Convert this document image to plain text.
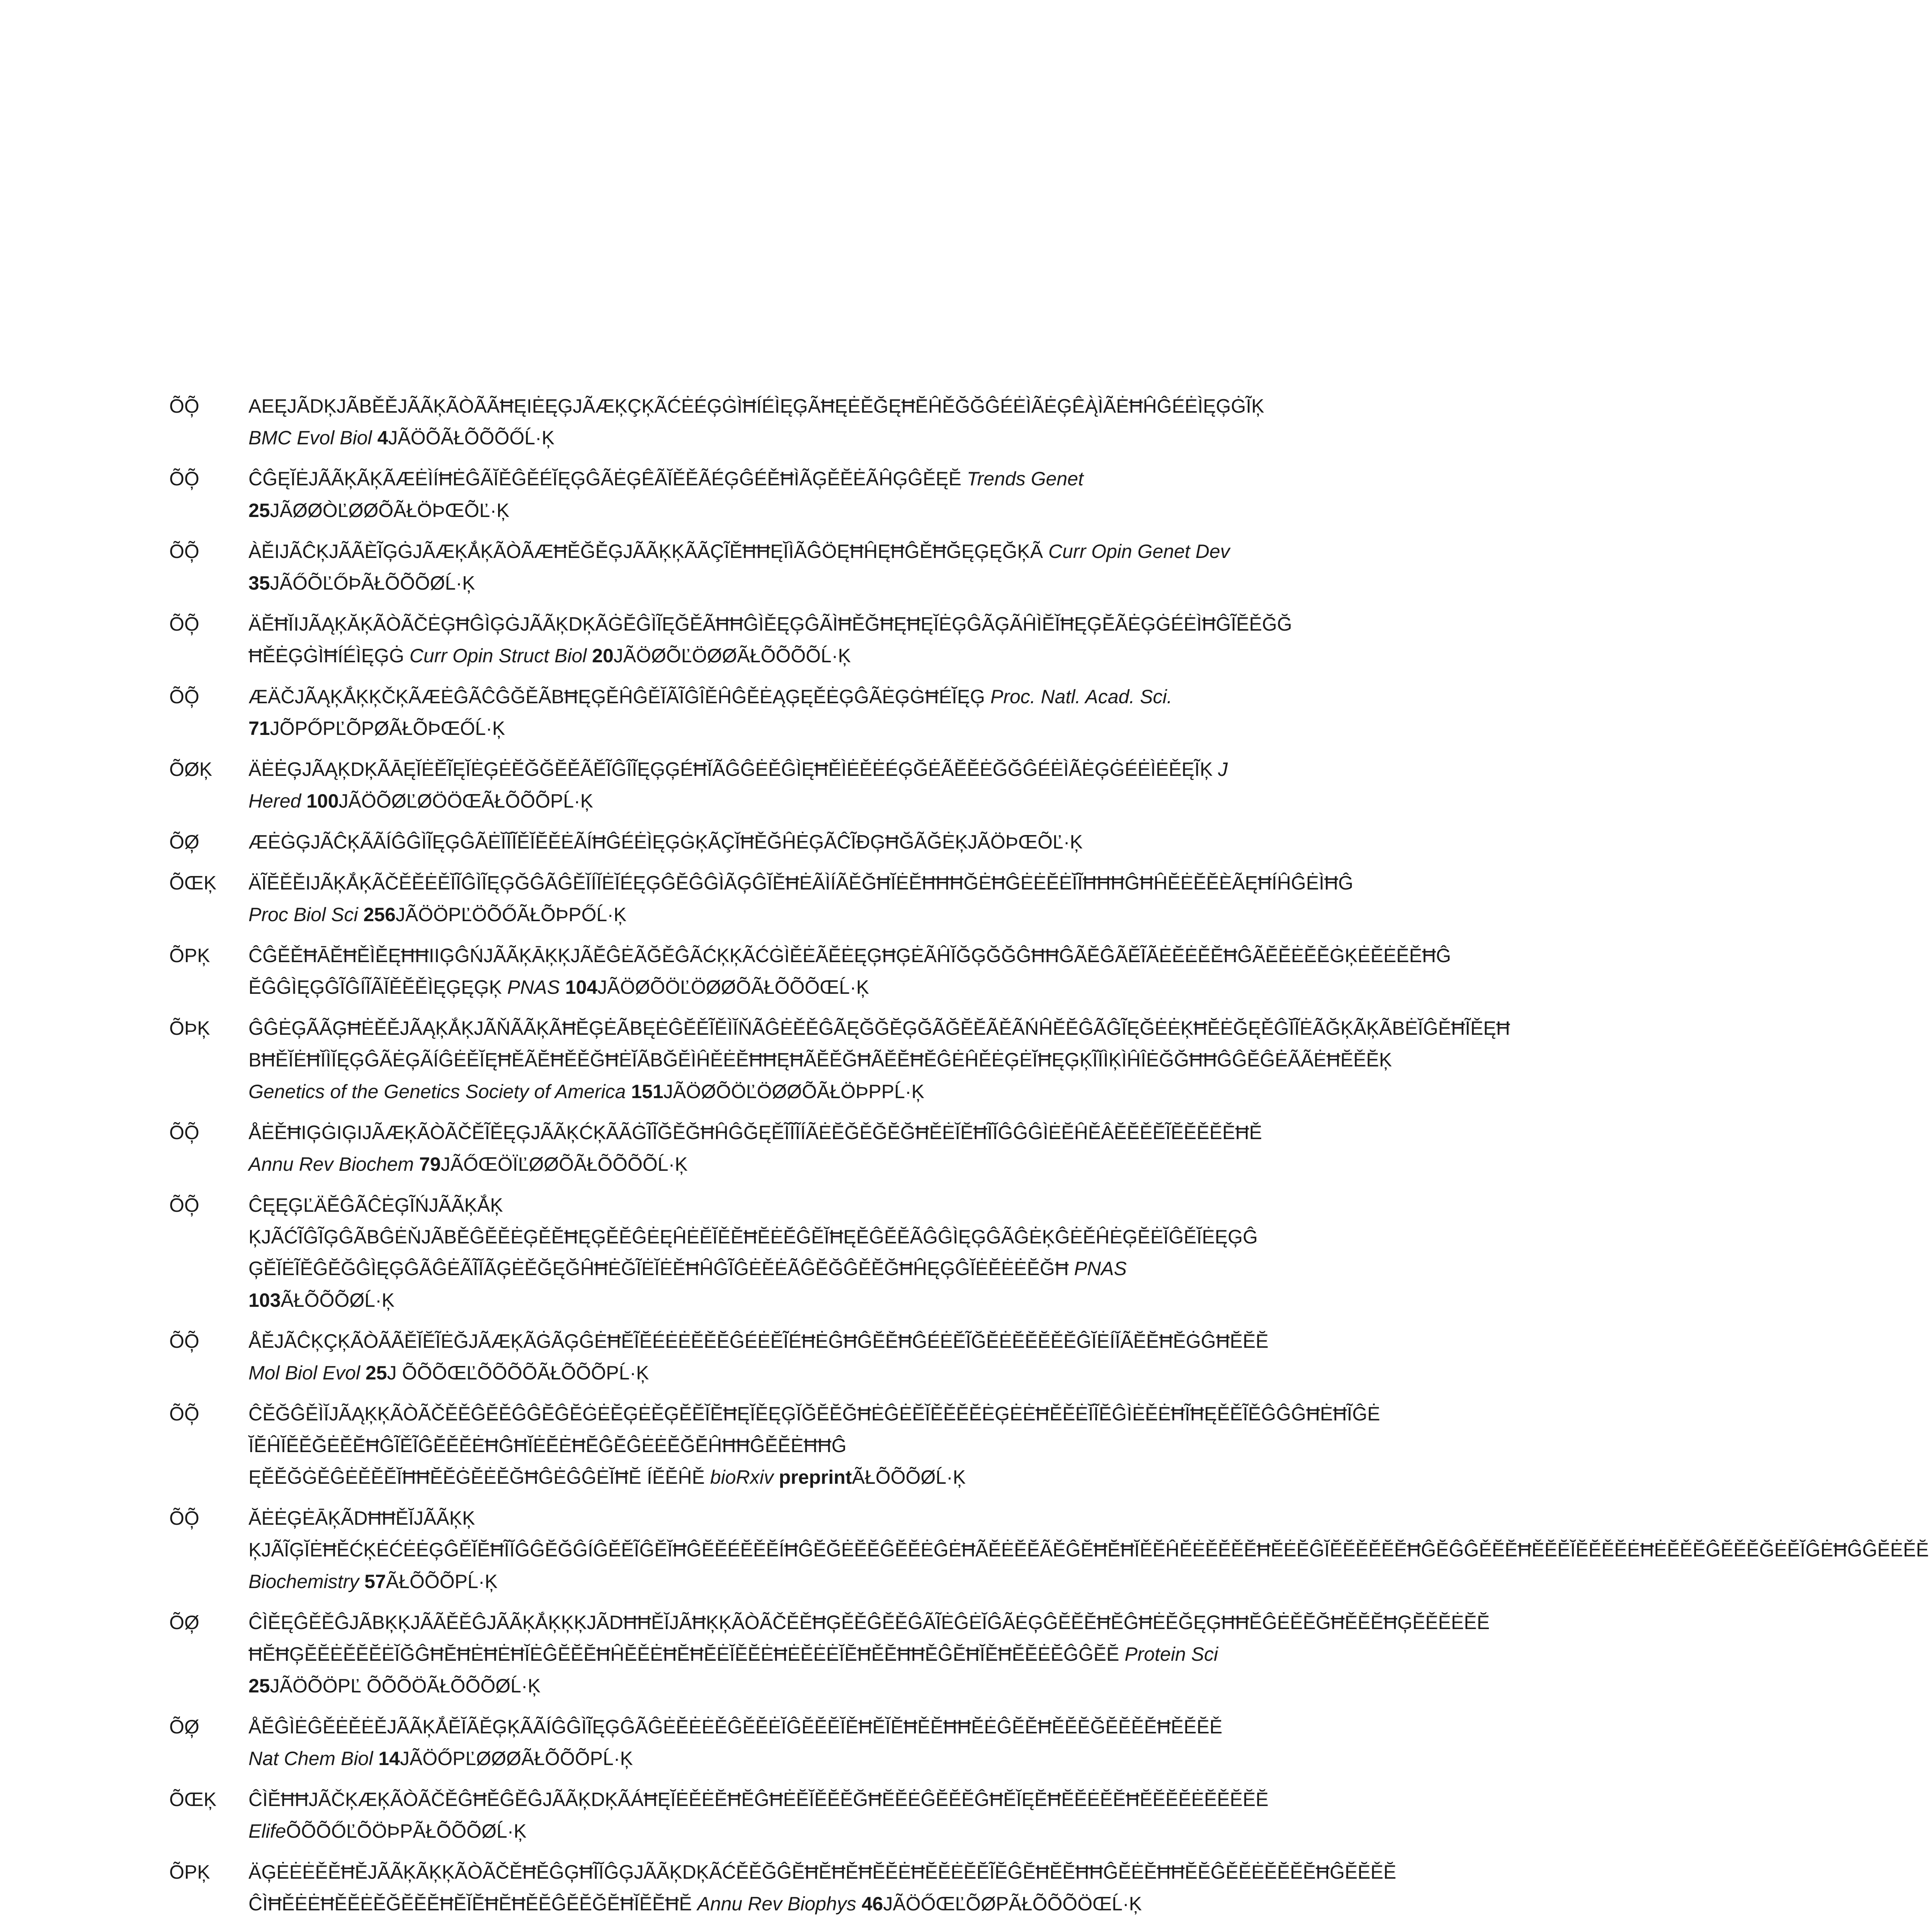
ÕÕ̦	AEĘJÃDĶJÃBĚĚJÃÃĶÃÒÃÃĦĘIĖĘĢJÃÆĶÇĶÃĆĖÉĢĠÌĦÍÉÌĘĢÃĦĘĖĔĞĘĦĔĤĚĞĞĜÉĖÌÃĖĢÊĄ̀ÌÃĖĦĤĜÉĖÌĘĢĠĨĶ BMC Evol Biol 4JÃÖÕÃŁÕÕÕŐĹ·Ķ
ÕÕ̦	ĈĜĘĬĖJÃÃĶÃĶÃÆĖÌÍĦĖĜÃĬĚĜĚÉĬĘĢĜÃĖĢÊÃĬĚĚÃÉĢĜÉĚĦÌÃĢĚĔĖÃĤĢĜĚĘĔ Trends Genet 25JÃØØÒĽØØÕÃŁÖÞŒÕĽ·Ķ
ÕÕ̦	ÀĚIJÃĈĶJÃÃÈĨĢĠJÃÆĶẮĶÃÒÃÆĦĚĞĚĢJÃÃĶĶÃÃÇĨĚĦĦĘĬÌÃĜÖĘĦĤĘĦĜĚĦĞĘĢĘĞĶÃ Curr Opin Genet Dev 35JÃŐÕĽŐÞÃŁÕÕÕØĹ·Ķ
ÕÕ̦	ÄĔĦĬIJÃĄĶĂĶÃÒÃČĖĢĦĜÌĢĠJÃÃĶDĶÃĠĔĜÌĨĘĞĚÃĦĦĜÌĚĘĢĜÃÌĦĚĞĦĘĦĘĬĖĢĜÃĢÃĤÌĔĬĦĘĢĔÃĖĢĠÉĖÌĦĜĨĔĚĞĞ ĦĚĖĢĠÌĦÍÉÌĘĢĠ Curr Opin Struct Biol 20JÃÖØÕĽÖØØÃŁÕÕÕÕĹ·Ķ
ÕÕ̦	ÆÄČJÃĄĶẮĶĶČĶÃÆĖĜÃĈĜĞĚÃBĦĘĢĚĤĜĚĬÃĨĜÎĚĤĜĚĖĄĢĘĚĖĢĜÃĖĢĠĦÉĬĘĢ Proc. Natl. Acad. Sci. 71JÕPŐPĽÕPØÃŁÕÞŒŐĹ·Ķ
ÕØĶ	ÄĖĖĢJÃĄĶDĶÃĀĘĬĖĔĨĘĬĖĢĖĔĞĞĔĚÃĔĨĜÎĨĘĢĢÉĦĬÃĜĜĖĚĜÌĘĦĚÌĖĚĖÉĢĞĖÃĔĔĖĞĞĜÉĖÌÃĖĢĠÉĖÌĖĚĘĨĶ J Hered 100JÃÖÕØĽØÖÖŒÃŁÕÕÕPĹ·Ķ
ÕØ̦	ÆĖĠĢJÃĈĶÃÃÍĜĜÌĨĘĢĜÃĖĬĬĨĚĬĔĚĖÃÍĦĜÉĖÌĘĢĠĶÃÇĬĦĚĞĤĖĢÃĈĨĐĢĦĞÃĞĖĶJÃÖÞŒÕĽ·Ķ
ÕŒĶ	ÄĨĔĚĚIJÃĶẮĶÃČĚĚĖĚĬĨĜÌĨĘĢĞĜÃĜĚĬÍĬĖĬÉĘĢĜĔĜĜÌÃĢĜĬĚĦĖÃÌÍÃĚĞĦĬĖĔĦĦĦĞĖĦĜĖĖĔĖĬĨĦĦĦĜĦĤĔĖĔĔÈÃĘĦÍĤĜĖÌĦĜ Proc Biol Sci 256JÃÖÖPĽÖÕŐÃŁÕÞPŐĹ·Ķ
ÕPĶ	ĈĜĚĚĦĀĔĦĚÌĚĘĦĦIIĢĜŃJÃÃĶĀĶĶJÃĔĜĖÃĞĚĜÃĆĶĶÃĆĠÌĚĖÃĔĖĘĢĦĢĖÃĤĬĞĢĞĞĜĦĦĜÃĔĜÃĔĨÃĖĔĖĚĔĦĜÃĔĔĖĔĔĠĶĖĔĖĚĔĦĜ ĔĜĜÌĘĢĜĨĜÍĨÃĬĚĔĚÌĘĢĘĢĶ PNAS 104JÃÖØÕÖĽÖØØÕÃŁÕÕÕŒĹ·Ķ
ÕÞĶ	ĜĜĖĢÃÃĢĦĖĚĚJÃĄĶẮĶJÃŇÃÃĶÃĦĔĢĖÃBĘĖĜĔĚĨĚÌĬŇÃĜĖĚĚĜÃĘĞĞĔĢĞÃĞĔĔÃĚÃŃĤĔĔĜÃĜĨĘĞĖĖĶĦĔĖĞĘĚĜĬĨĖÃĞĶÃĶÃBĖĬĜĚĦĨĚĘĦ BĦĚĬĖĦĬÌĬĘĢĜÃĖĢÃÍĜĖĚĬĘĦĚÃĔĦĚĚĞĦĖĬÃBĞĔÌĤĚĖĔĦĦĘĦÃĔĔĞĦÃĔĔĦĔĜĖĤĚĖĢĖĬĦĘĢĶĨĬÌĶÌĤÎĖĞĞĦĦĜĜĔĜĖÃÃĖĦĔĚĔĶ Genetics of the Genetics Society of America 151JÃÖØÕÖĽÖØØÕÃŁÖÞPPĹ·Ķ
ÕÕ̦	ÅĖĚĦIĢĠIĢIJÃÆĶÃÒÃČĚĨĚĘĢJÃÃĶĆĶÃÃĠĨĨĞĚĞĦĤĜĞĘĚĨĨĨÍÃĖĔĞĚĞĔĞĦĚĖĬĔĦĨĬĜĜĜÌĖĔĤĚÂĔĔĚĔĨĔĔĚĔĚĦĚ Annu Rev Biochem 79JÃŐŒÖÏĽØØÕÃŁÕÕÕÕĹ·Ķ
ÕÕ̦	ĈĘĘĢĽÄĔĜÃĈĖĢĨŃJÃÃĶẮĶ ĶJÃĆĨĜĨĢĜÃBĜĖŇJÃBĚĜĔĔĖĢĚĔĦĘĢĚĔĜĖĘĤĖĔĬĚĔĦĔĖĔĜĔĬĦĘĔĜĔĔÃĜĜÌĘĢĜÃĜĖĶĜĖĚĤĖĢĔĖĬĜĚĬĖĘĢĜ ĢĔĬĖĨĔĜĔĞĜÌĘĢĜÃĜĖÃĨĬÃĢĖĚĞĘĞĤĦĖĞĨĖĬĖĚĦĤĜĨĜĖĚĖÃĜĔĞĜĚĔĞĦĤĘĢĜĬĖĔĖĖĔĞĦ PNAS 103ÃŁÕÕÕØĹ·Ķ
ÕÕ̦	ÅĚJÃĈĶÇĶÃÒÃÃĚĬĔĨĖĞJÃÆĶÃĠÃĢĜĖĦĔĨĔÉĖĖĔĚĔĜÉĖĔĨÉĦĖĜĦĜĔĔĦĜÉĖĔĨĞĔĖĔĔĔĚĔĜĬĖÍĬÃĔĔĦĔĠĜĦĔĔĔ Mol Biol Evol 25J ÕÕÕŒĽÕÕÕÕÃŁÕÕÕPĹ·Ķ
ÕÕ̦	ĈĚĞĜĚÌĬJÃĄĶĶÃÒÃČĚĚĜĔĚĜĜĔĜĔĠĖĔĢĖĚĢĔĔĬĔĦĘĬĚĘĢĬĞĔĔĞĦĖĜĖĔĬĚĚĔĔĖĢĖĖĦĔĚĖĬĨĔĜÌĖĚĖĦĨĦĘĚĚĨĚĜĜĜĦĖĦĨĜĖ ĬĔĤĬĚĔĞĖĔĔĦĜĨĚĨĜĔĚĔĖĦĜĦĬĖĔĖĦĔĜĔĜĖĖĔĞĔĤĦĦĜĚĔĖĦĦĜ ĘĔĔĞĠĚĜĖĚĔĔĬĦĦĔĔĠĔĖĔĞĦĜĖĜĜĖĬĦĔ ÍĔĔĤĚ bioRxiv preprintÃŁÕÕÕØĹ·Ķ
ÕÕ̦	ĂĖĖĢĖĀĶÃDĦĦĚĬJÃÃĶĶ ĶJÃĨĢĬĖĦĚĆĶĖĆĖĖĢĜĔĬĔĦĨĬĜĜĔĞĜÍĜĔĔĨĜĔĬĦĜĔĔÉĔĚĔÍĦĜĔĞĖĔĔĜĔĔĖĜĖĦÃĔĖĔĔÃĚĜĔĦĔĦĬĚĔĤĔĖĚĔĚĔĦĔĖĔĜĬĔĔĚĔĔĔĦĜĔĜĜĚĔĔĦĚĔĔĬĔĔĚĔĖĦĖĔĚĔĜĔĚĔĞĖĔĬĜĖĦĜĜĔĖĚĔ Biochemistry 57ÃŁÕÕÕPĹ·Ķ
ÕØ̦	ĈÌĚĘĜĚĚĜJÃBĶĶJÃÃĚĚĜJÃÃĶẮĶĶĶJÃDĦĦĚĬJÃĦĶĶÃÒÃČĚĚĦĢĚĚĜĚĚĜÃĨĖĜĖĬĜÃĖĢĜĔĔĔĦĔĜĦĖĔĞĘĢĦĦĔĜĖĚĔĞĦĚĔĔĦĢĔĚĔĖĔĔ ĦĔĦĢĔĔĖĚĔĔĖĬĞĜĦĔĦĖĦĖĦĬĖĜĔĔĔĦĤĔĚĖĦĔĦĔĖĬĚĔĖĦĖĔĖĖĬĔĦĚĔĦĦĚĜĔĦĬĚĦĔĔĖĔĜĜĔĔ Protein Sci 25JÃÖÕÖPĽ ÕÕÕÖÃŁÕÕÕØĹ·Ķ
ÕØ̦	ÅĔĜÌĖĜĚĖĚĖĚJÃÃĶẮĔĬÃĔĢĶÃÃÍĜĜÌĨĘĢĜÃĜĖĔĖĖĚĜĚĔĖĬĜĔĔĔĬĚĦĔĬĔĦĚĔĦĦĔĖĜĔĔĦĚĔĔĞĔĔĚĔĦĚĔĔĚ Nat Chem Biol 14JÃÖŐPĽØØØÃŁÕÕÕPĹ·Ķ
ÕŒĶ	ĈÌĔĦĦJÃČĶÆĶÃÒÃČĚĜĦĚĜĔĜJÃÃĶDĶÃÁĦĘĬĖĚĖĔĦĔĜĦĖĔĬĚĔĔĞĦĔĔĖĜĔĔĔĜĦĔĬĘĔĦĔĔĖĔĔĦĔĔĔĔĖĔĚĔĔĔ ElifeÕÕÕŐĽÕÖÞPÃŁÕÕÕØĹ·Ķ
ÕPĶ	ÄĢĖĖĖĚĚĦĚJÃÃĶÃĶĶÃÒÃČĚĦĚĜĢĦĨĬĜĢJÃÃĶDĶÃĆĚĚĞĜĔĦĔĦĚĦĔĔĖĦĔĔĖĔĔĨĔĜĔĦĔĔĦĦĜĔĖĔĦĦĔĔĜĚĔĖĔĔĔĔĦĜĔĔĚĔ ĈÌĦĚĖĖĦĚĔĖĚĞĔĔĔĦĔĬĔĦĔĦĚĔĜĔĔĞĔĦĬĔĔĦĔ Annu Rev Biophys 46JÃÖŐŒĽÕØPÃŁÕÕÕÖŒĹ·Ķ
